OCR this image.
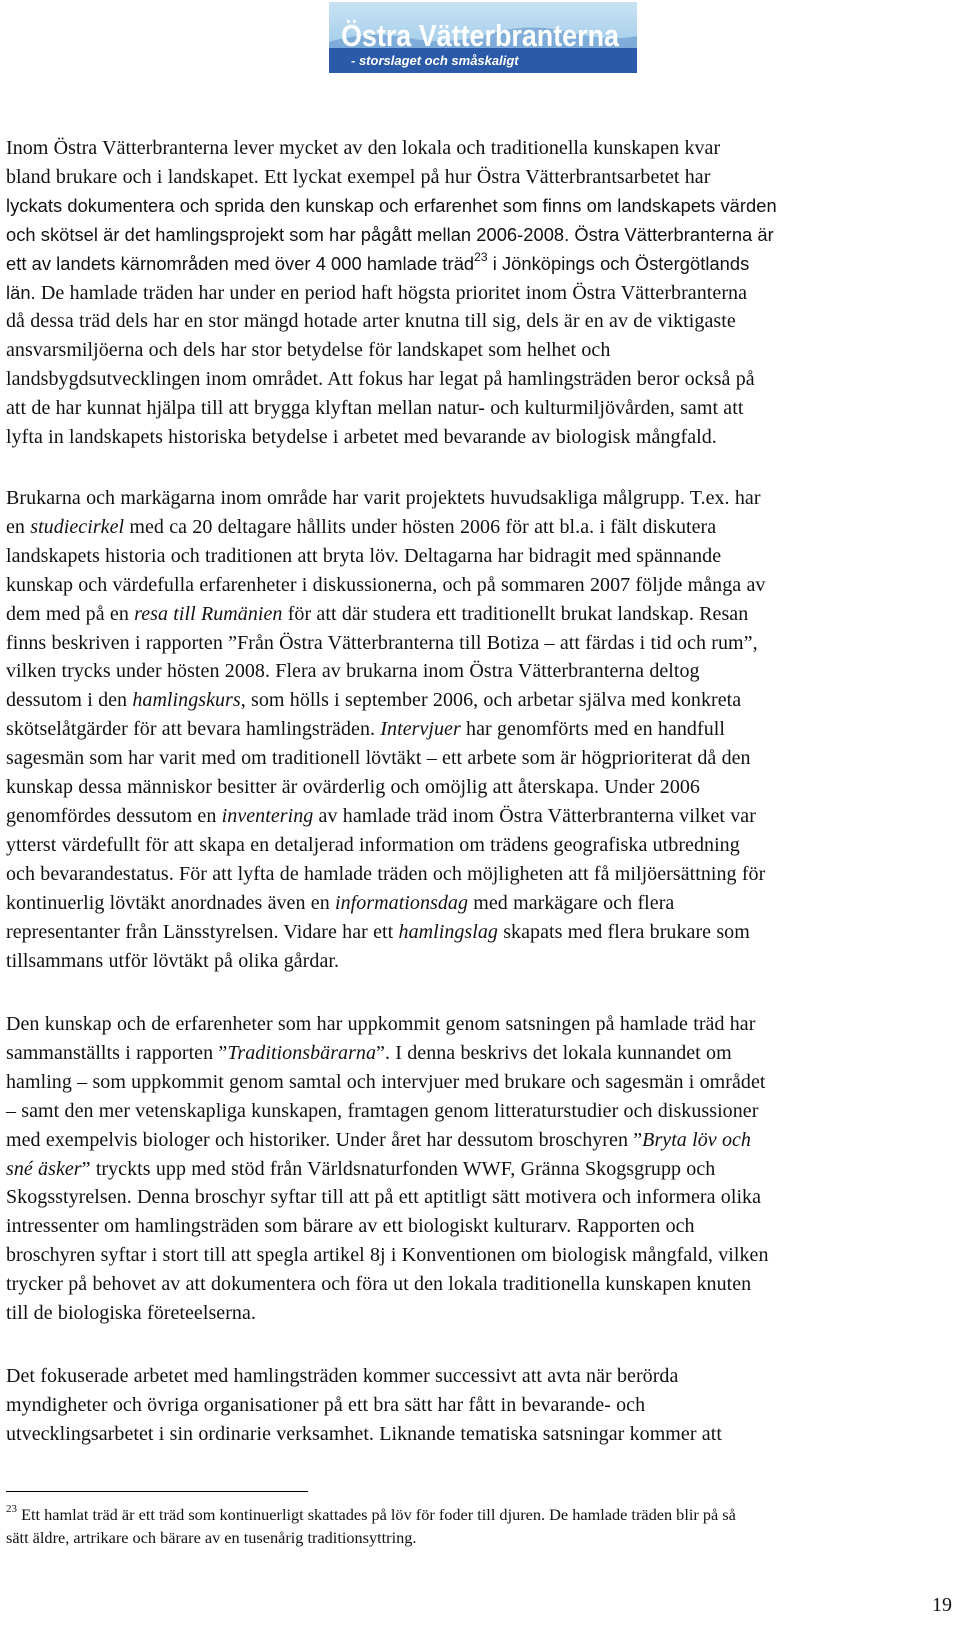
Östra Vätterbranterna
- storslaget och småskaligt
Inom Östra Vätterbranterna lever mycket av den lokala och traditionella kunskapen kvar
bland brukare och i landskapet. Ett lyckat exempel på hur Östra Vätterbrantsarbetet har
lyckats dokumentera och sprida den kunskap och erfarenhet som finns om landskapets värden
och skötsel är det hamlingsprojekt som har pågått mellan 2006-2008. Östra Vätterbranterna är
ett av landets kärnområden med över 4 000 hamlade träd$^{23}$ i Jönköpings och Östergötlands
län. De hamlade träden har under en period haft högsta prioritet inom Östra Vätterbranterna
då dessa träd dels har en stor mängd hotade arter knutna till sig, dels är en av de viktigaste
ansvarsmiljöerna och dels har stor betydelse för landskapet som helhet och
landsbygdsutvecklingen inom området. Att fokus har legat på hamlingsträden beror också på
att de har kunnat hjälpa till att brygga klyftan mellan natur- och kulturmiljövården, samt att
lyfta in landskapets historiska betydelse i arbetet med bevarande av biologisk mångfald.
Brukarna och markägarna inom område har varit projektets huvudsakliga målgrupp. T.ex. har
en studiecirkel med ca 20 deltagare hållits under hösten 2006 för att bl.a. i fält diskutera
landskapets historia och traditionen att bryta löv. Deltagarna har bidragit med spännande
kunskap och värdefulla erfarenheter i diskussionerna, och på sommaren 2007 följde många av
dem med på en resa till Rumänien för att där studera ett traditionellt brukat landskap. Resan
finns beskriven i rapporten ”Från Östra Vätterbranterna till Botiza – att färdas i tid och rum”,
vilken trycks under hösten 2008. Flera av brukarna inom Östra Vätterbranterna deltog
dessutom i den hamlingskurs, som hölls i september 2006, och arbetar själva med konkreta
skötselåtgärder för att bevara hamlingsträden. Intervjuer har genomförts med en handfull
sagesmän som har varit med om traditionell lövtäkt – ett arbete som är högprioriterat då den
kunskap dessa människor besitter är ovärderlig och omöjlig att återskapa. Under 2006
genomfördes dessutom en inventering av hamlade träd inom Östra Vätterbranterna vilket var
ytterst värdefullt för att skapa en detaljerad information om trädens geografiska utbredning
och bevarandestatus. För att lyfta de hamlade träden och möjligheten att få miljöersättning för
kontinuerlig lövtäkt anordnades även en informationsdag med markägare och flera
representanter från Länsstyrelsen. Vidare har ett hamlingslag skapats med flera brukare som
tillsammans utför lövtäkt på olika gårdar.
Den kunskap och de erfarenheter som har uppkommit genom satsningen på hamlade träd har
sammanställts i rapporten ”Traditionsbärarna”. I denna beskrivs det lokala kunnandet om
hamling – som uppkommit genom samtal och intervjuer med brukare och sagesmän i området
– samt den mer vetenskapliga kunskapen, framtagen genom litteraturstudier och diskussioner
med exempelvis biologer och historiker. Under året har dessutom broschyren ”Bryta löv och
sné äsker” tryckts upp med stöd från Världsnaturfonden WWF, Gränna Skogsgrupp och
Skogsstyrelsen. Denna broschyr syftar till att på ett aptitligt sätt motivera och informera olika
intressenter om hamlingsträden som bärare av ett biologiskt kulturarv. Rapporten och
broschyren syftar i stort till att spegla artikel 8j i Konventionen om biologisk mångfald, vilken
trycker på behovet av att dokumentera och föra ut den lokala traditionella kunskapen knuten
till de biologiska företeelserna.
Det fokuserade arbetet med hamlingsträden kommer successivt att avta när berörda
myndigheter och övriga organisationer på ett bra sätt har fått in bevarande- och
utvecklingsarbetet i sin ordinarie verksamhet. Liknande tematiska satsningar kommer att
$^{23}$ Ett hamlat träd är ett träd som kontinuerligt skattades på löv för foder till djuren. De hamlade träden blir på så
sätt äldre, artrikare och bärare av en tusenårig traditionsyttring.

19
